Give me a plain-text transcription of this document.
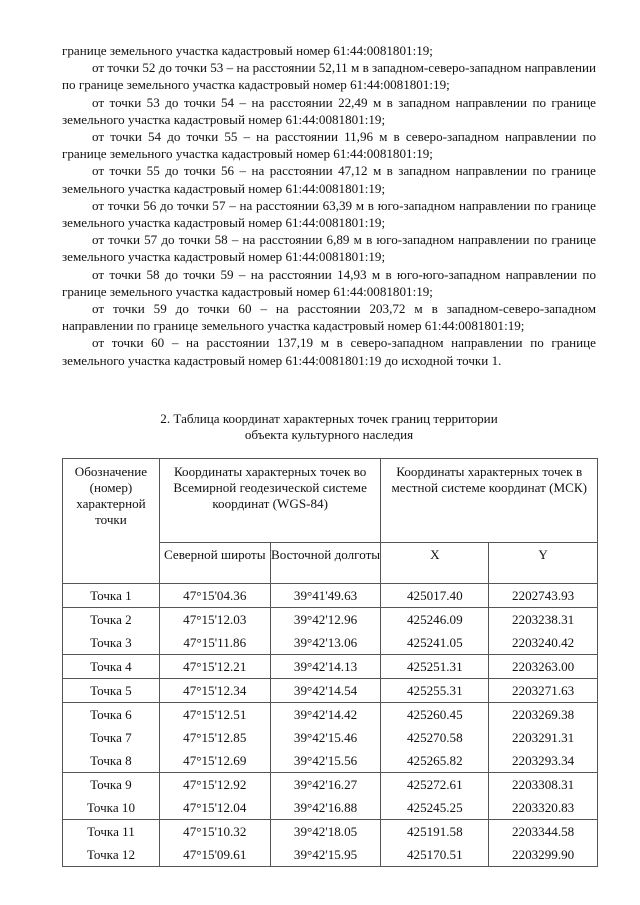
границе земельного участка кадастровый номер 61:44:0081801:19;

от точки 52 до точки 53 – на расстоянии 52,11 м в западном-северо-западном направлении по границе земельного участка кадастровый номер 61:44:0081801:19;

от точки 53 до точки 54 – на расстоянии 22,49 м в западном направлении по границе земельного участка кадастровый номер 61:44:0081801:19;

от точки 54 до точки 55 – на расстоянии 11,96 м в северо-западном направлении по границе земельного участка кадастровый номер 61:44:0081801:19;

от точки 55 до точки 56 – на расстоянии 47,12 м в западном направлении по границе земельного участка кадастровый номер 61:44:0081801:19;

от точки 56 до точки 57 – на расстоянии 63,39 м в юго-западном направлении по границе земельного участка кадастровый номер 61:44:0081801:19;

от точки 57 до точки 58 – на расстоянии 6,89 м в юго-западном направлении по границе земельного участка кадастровый номер 61:44:0081801:19;

от точки 58 до точки 59 – на расстоянии 14,93 м в юго-юго-западном направлении по границе земельного участка кадастровый номер 61:44:0081801:19;

от точки 59 до точки 60 – на расстоянии 203,72 м в западном-северо-западном направлении по границе земельного участка кадастровый номер 61:44:0081801:19;

от точки 60 – на расстоянии 137,19 м в северо-западном направлении по границе земельного участка кадастровый номер 61:44:0081801:19 до исходной точки 1.

2. Таблица координат характерных точек границ территории
объекта культурного наследия
Обозначение (номер) характерной точки	Координаты характерных точек во Всемирной геодезической системе координат (WGS-84)		Координаты характерных точек в местной системе координат (МСК)	
	Северной широты	Восточной долготы	X	Y
Точка 1	47°15'04.36	39°41'49.63	425017.40	2202743.93
Точка 2	47°15'12.03	39°42'12.96	425246.09	2203238.31
Точка 3	47°15'11.86	39°42'13.06	425241.05	2203240.42
Точка 4	47°15'12.21	39°42'14.13	425251.31	2203263.00
Точка 5	47°15'12.34	39°42'14.54	425255.31	2203271.63
Точка 6	47°15'12.51	39°42'14.42	425260.45	2203269.38
Точка 7	47°15'12.85	39°42'15.46	425270.58	2203291.31
Точка 8	47°15'12.69	39°42'15.56	425265.82	2203293.34
Точка 9	47°15'12.92	39°42'16.27	425272.61	2203308.31
Точка 10	47°15'12.04	39°42'16.88	425245.25	2203320.83
Точка 11	47°15'10.32	39°42'18.05	425191.58	2203344.58
Точка 12	47°15'09.61	39°42'15.95	425170.51	2203299.90
